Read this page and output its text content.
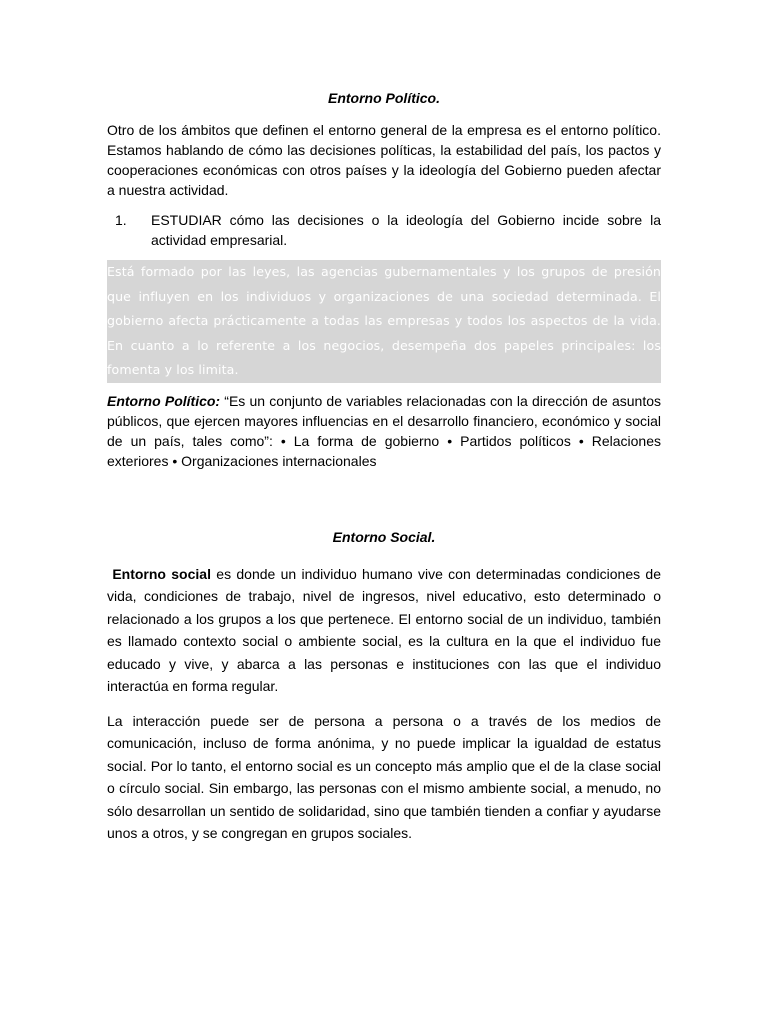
Entorno Político.

Otro de los ámbitos que definen el entorno general de la empresa es el entorno político. Estamos hablando de cómo las decisiones políticas, la estabilidad del país, los pactos y cooperaciones económicas con otros países y la ideología del Gobierno pueden afectar a nuestra actividad.

1.	ESTUDIAR cómo las decisiones o la ideología del Gobierno incide sobre la actividad empresarial.

Está formado por las leyes, las agencias gubernamentales y los grupos de presión que influyen en los individuos y organizaciones de una sociedad determinada. El gobierno afecta prácticamente a todas las empresas y todos los aspectos de la vida. En cuanto a lo referente a los negocios, desempeña dos papeles principales: los fomenta y los limita.

Entorno Político: “Es un conjunto de variables relacionadas con la dirección de asuntos públicos, que ejercen mayores influencias en el desarrollo financiero, económico y social de un país, tales como”: • La forma de gobierno • Partidos políticos • Relaciones exteriores • Organizaciones internacionales

Entorno Social.

Entorno social es donde un individuo humano vive con determinadas condiciones de vida, condiciones de trabajo, nivel de ingresos, nivel educativo, esto determinado o relacionado a los grupos a los que pertenece. El entorno social de un individuo, también es llamado contexto social o ambiente social, es la cultura en la que el individuo fue educado y vive, y abarca a las personas e instituciones con las que el individuo interactúa en forma regular.

La interacción puede ser de persona a persona o a través de los medios de comunicación, incluso de forma anónima, y no puede implicar la igualdad de estatus social. Por lo tanto, el entorno social es un concepto más amplio que el de la clase social o círculo social. Sin embargo, las personas con el mismo ambiente social, a menudo, no sólo desarrollan un sentido de solidaridad, sino que también tienden a confiar y ayudarse unos a otros, y se congregan en grupos sociales.
